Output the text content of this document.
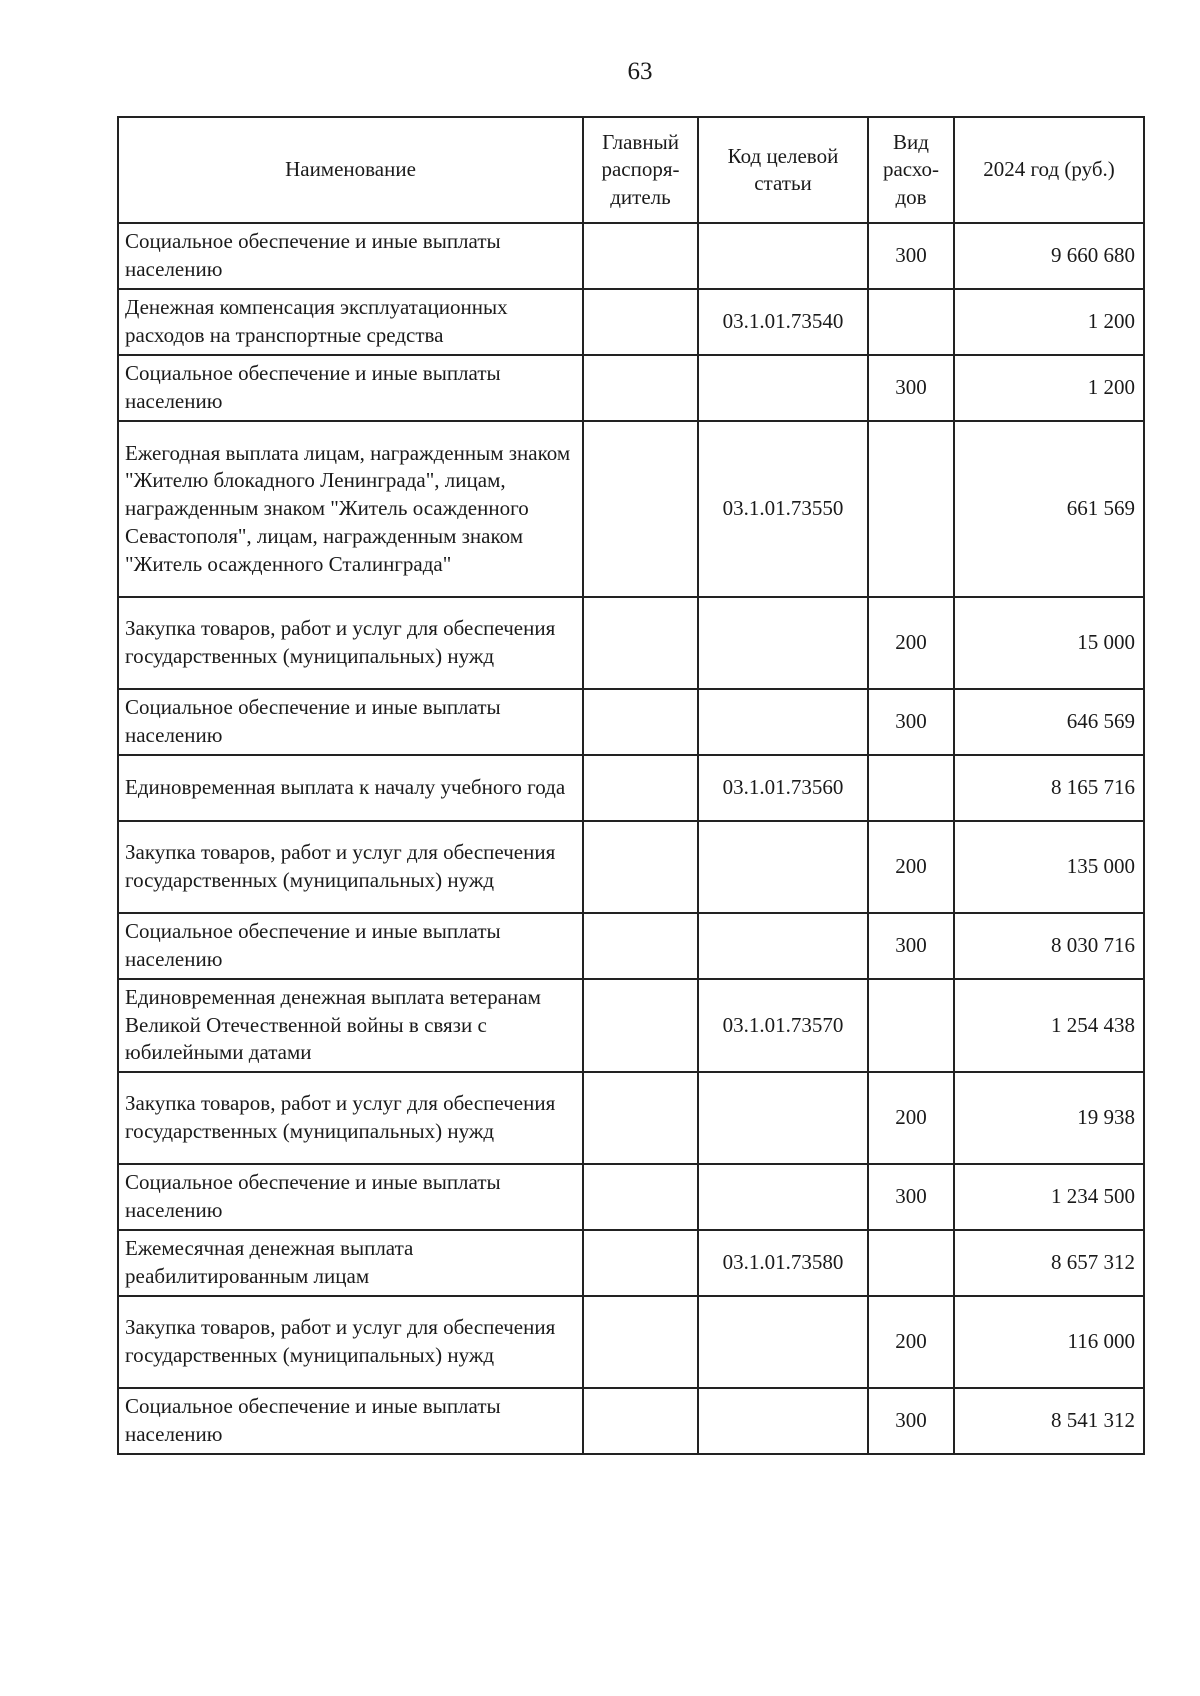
63
Наименование	Главный распоря-дитель	Код целевой статьи	Вид расхо-дов	2024 год (руб.)
Социальное обеспечение и иные выплаты населению			300	9 660 680
Денежная компенсация эксплуатационных расходов на транспортные средства		03.1.01.73540		1 200
Социальное обеспечение и иные выплаты населению			300	1 200
Ежегодная выплата лицам, награжденным знаком "Жителю блокадного Ленинграда", лицам, награжденным знаком "Житель осажденного Севастополя", лицам, награжденным знаком "Житель осажденного Сталинграда"		03.1.01.73550		661 569
Закупка товаров, работ и услуг для обеспечения государственных (муниципальных) нужд			200	15 000
Социальное обеспечение и иные выплаты населению			300	646 569
Единовременная выплата к началу учебного года		03.1.01.73560		8 165 716
Закупка товаров, работ и услуг для обеспечения государственных (муниципальных) нужд			200	135 000
Социальное обеспечение и иные выплаты населению			300	8 030 716
Единовременная денежная выплата ветеранам Великой Отечественной войны в связи с юбилейными датами		03.1.01.73570		1 254 438
Закупка товаров, работ и услуг для обеспечения государственных (муниципальных) нужд			200	19 938
Социальное обеспечение и иные выплаты населению			300	1 234 500
Ежемесячная денежная выплата реабилитированным лицам		03.1.01.73580		8 657 312
Закупка товаров, работ и услуг для обеспечения государственных (муниципальных) нужд			200	116 000
Социальное обеспечение и иные выплаты населению			300	8 541 312
